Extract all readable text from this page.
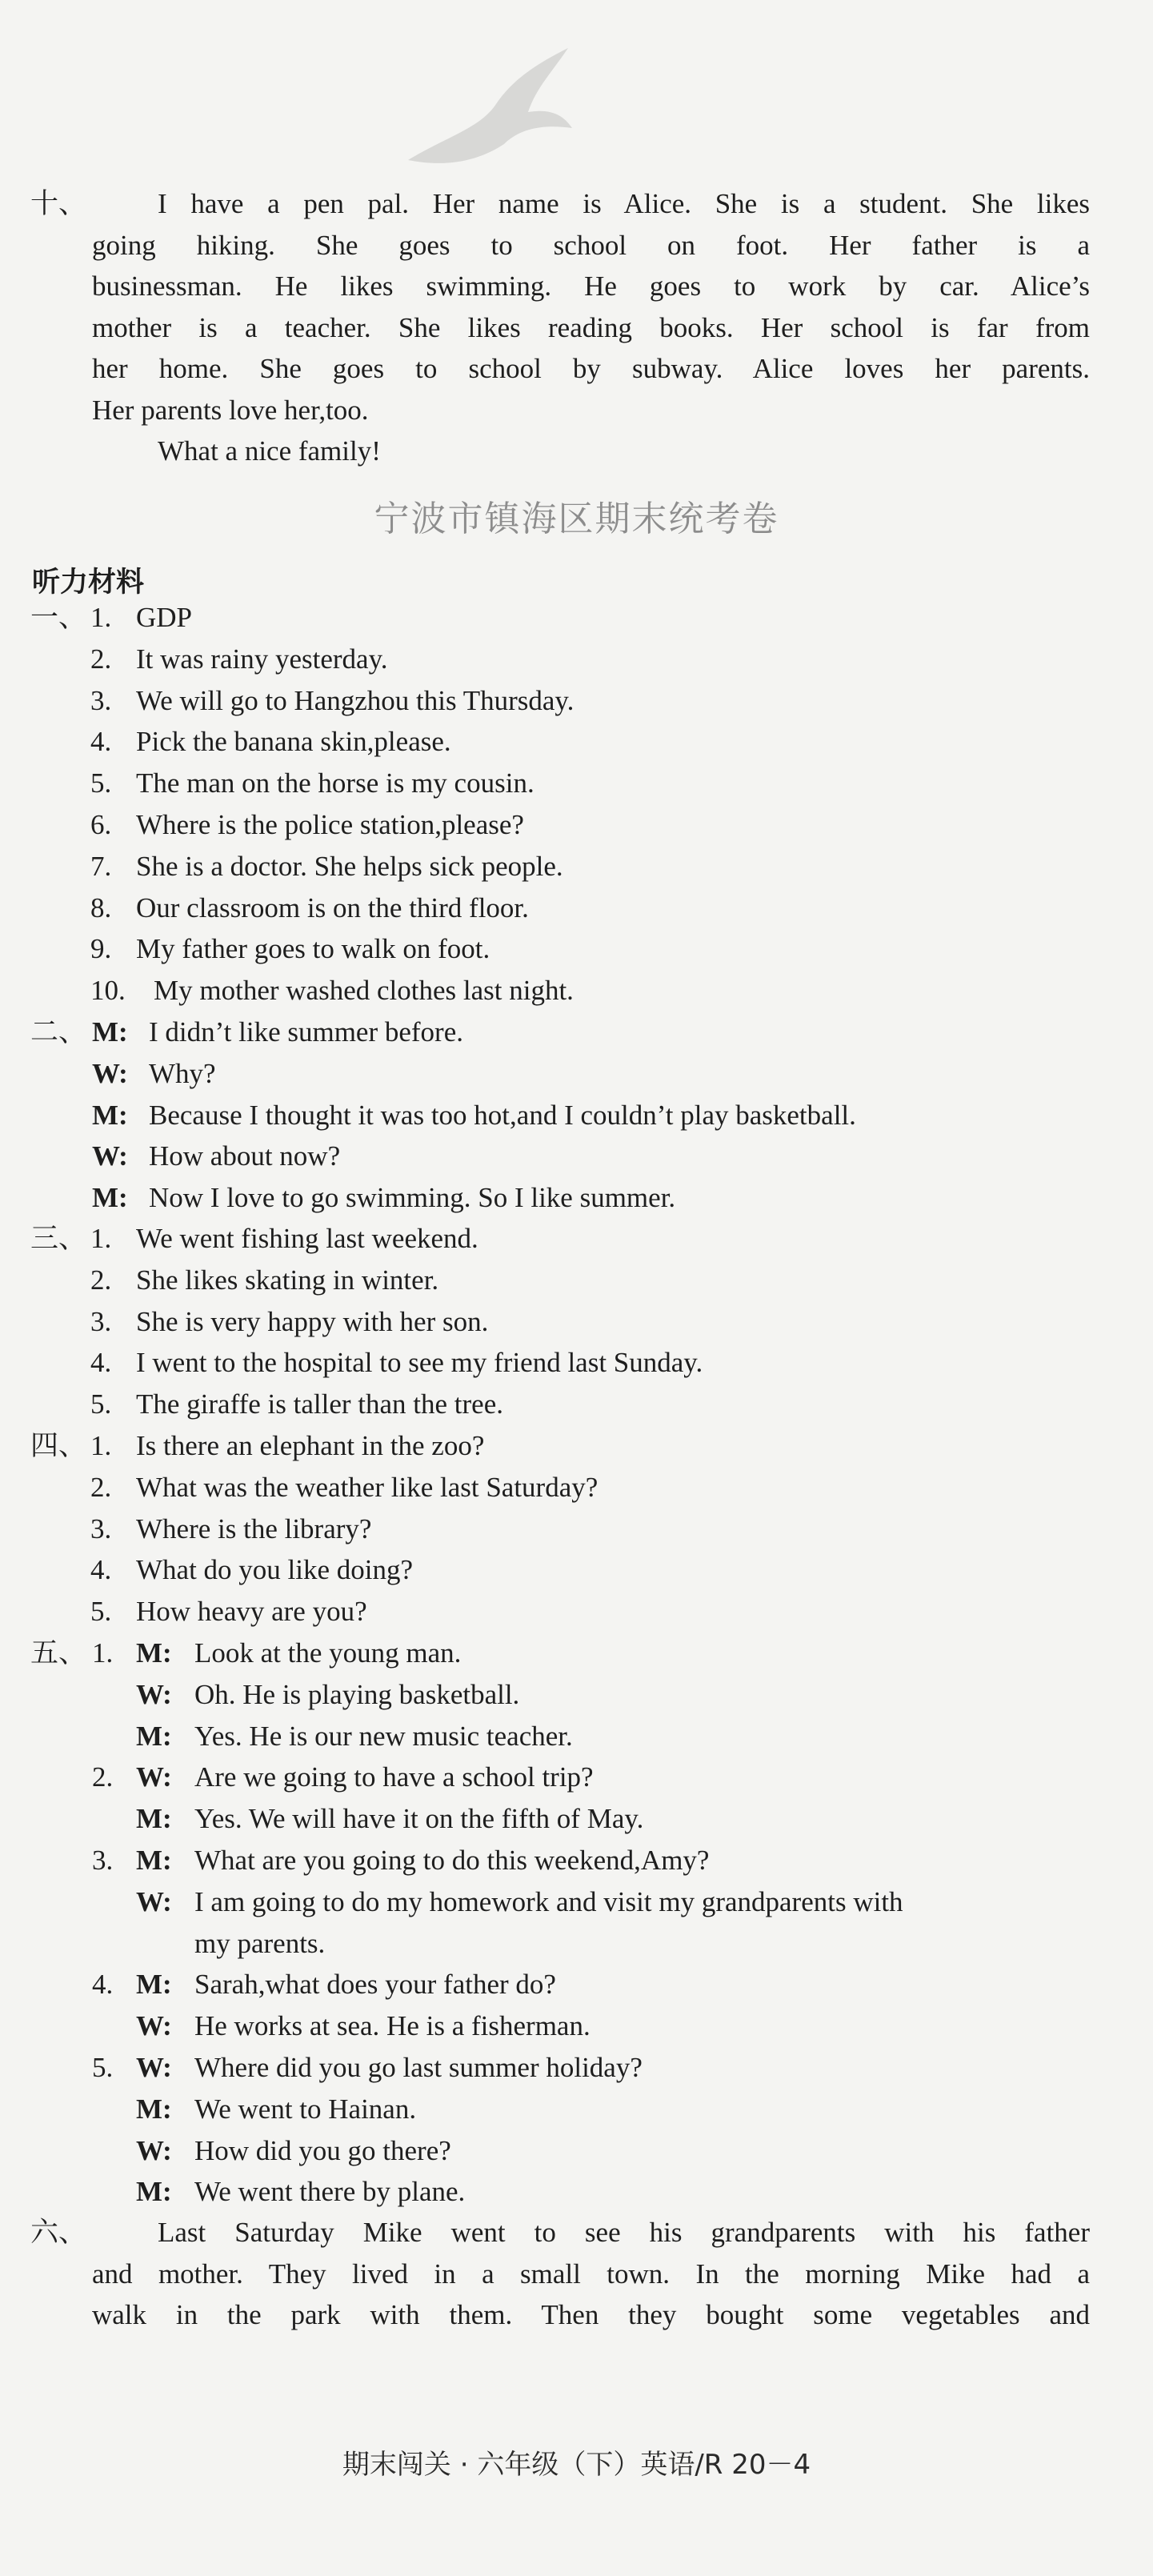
十、	I have a pen pal. Her name is Alice. She is a student. She likes
going hiking. She goes to school on foot. Her father is a
businessman. He likes swimming. He goes to work by car. Alice’s
mother is a teacher. She likes reading books. Her school is far from
her home. She goes to school by subway. Alice loves her parents.
Her parents love her,too.
What a nice family!
宁波市镇海区期末统考卷
听力材料
一、 1. GDP
2. It was rainy yesterday.
3. We will go to Hangzhou this Thursday.
4. Pick the banana skin,please.
5. The man on the horse is my cousin.
6. Where is the police station,please?
7. She is a doctor. She helps sick people.
8. Our classroom is on the third floor.
9. My father goes to walk on foot.
10. My mother washed clothes last night.
二、 M: I didn’t like summer before.
W: Why?
M: Because I thought it was too hot,and I couldn’t play basketball.
W: How about now?
M: Now I love to go swimming. So I like summer.
三、 1. We went fishing last weekend.
2. She likes skating in winter.
3. She is very happy with her son.
4. I went to the hospital to see my friend last Sunday.
5. The giraffe is taller than the tree.
四、 1. Is there an elephant in the zoo?
2. What was the weather like last Saturday?
3. Where is the library?
4. What do you like doing?
5. How heavy are you?
五、 1. M: Look at the young man.
W: Oh. He is playing basketball.
M: Yes. He is our new music teacher.
2. W: Are we going to have a school trip?
M: Yes. We will have it on the fifth of May.
3. M: What are you going to do this weekend,Amy?
W: I am going to do my homework and visit my grandparents with
my parents.
4. M: Sarah,what does your father do?
W: He works at sea. He is a fisherman.
5. W: Where did you go last summer holiday?
M: We went to Hainan.
W: How did you go there?
M: We went there by plane.
六、	Last Saturday Mike went to see his grandparents with his father
and mother. They lived in a small town. In the morning Mike had a
walk in the park with them. Then they bought some vegetables and
期末闯关 · 六年级（下）英语/R 20－4
